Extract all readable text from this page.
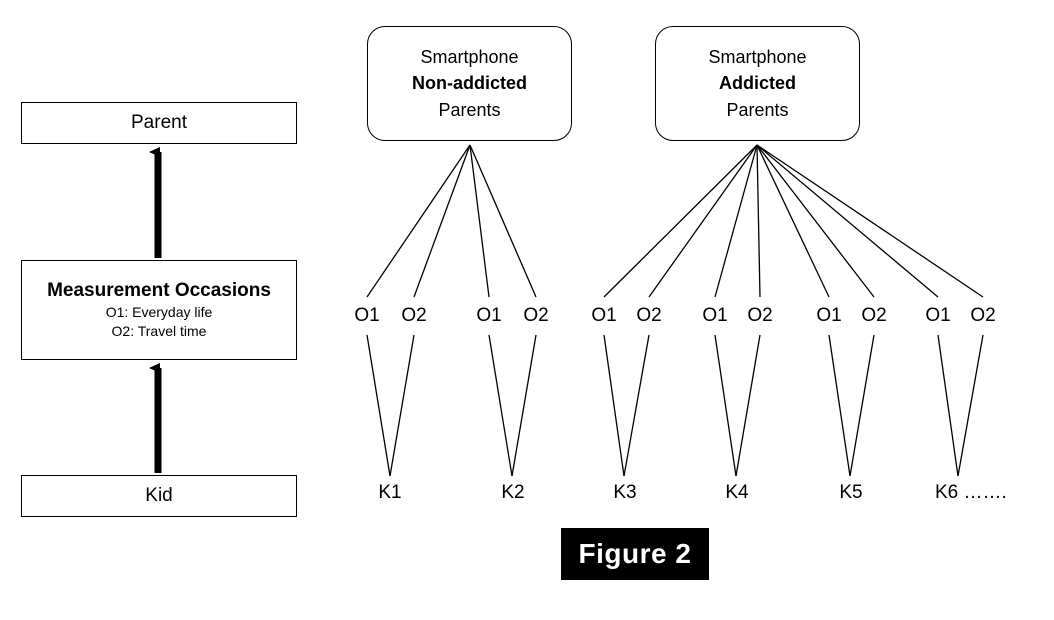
Parent
Measurement Occasions
O1: Everyday life
O2: Travel time
Kid
Smartphone
Non-addicted
Parents
Smartphone
Addicted
Parents
O1 O2	O1 O2 O1 O2 O1 O2 O1 O2 O1 O2
K1	K2	K3	K4	K5	K6 …….
Figure 2
